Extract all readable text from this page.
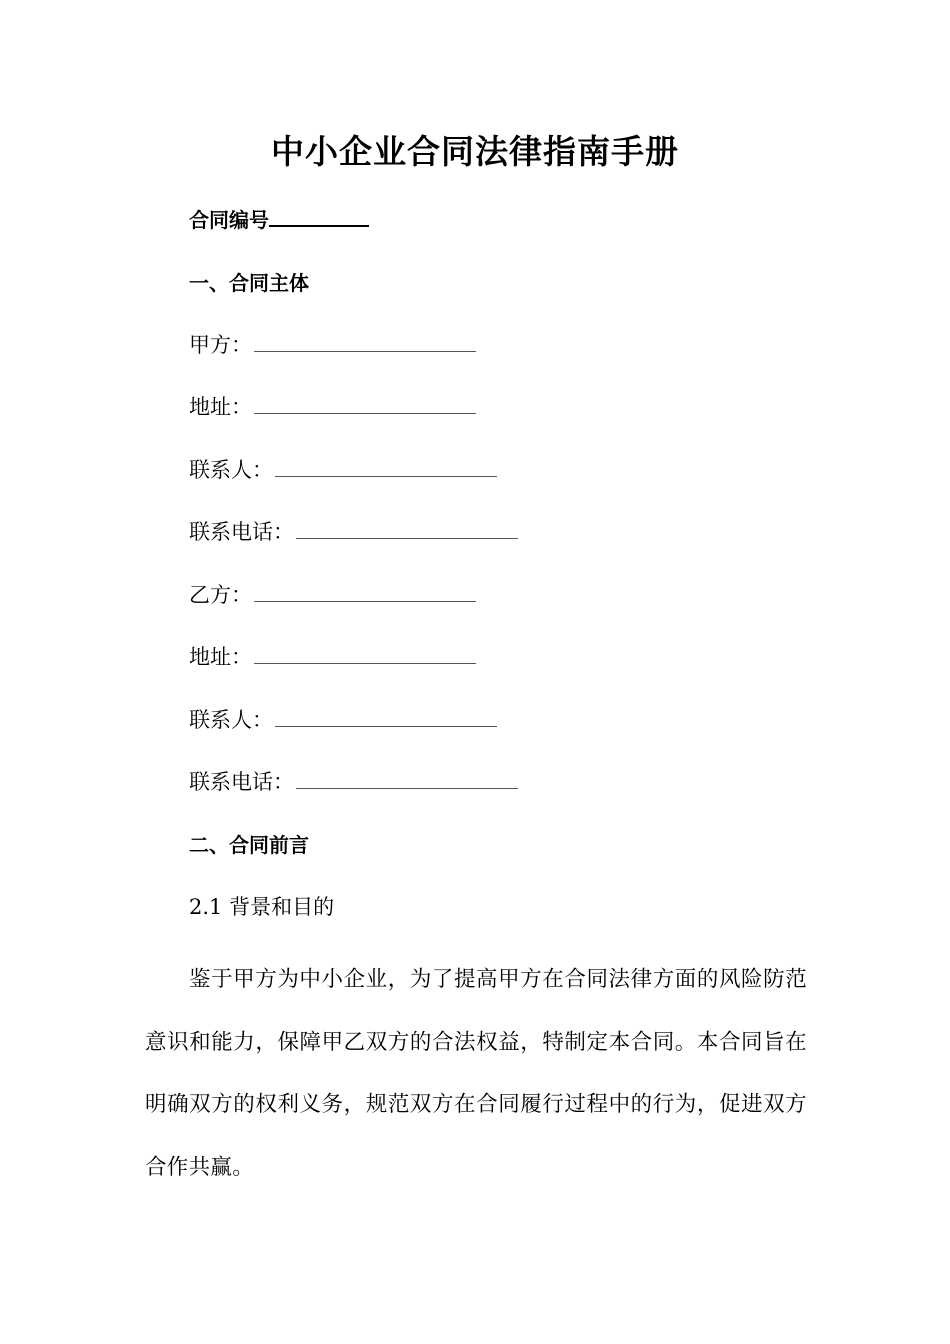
中小企业合同法律指南手册
合同编号
一、合同主体
甲方：
地址：
联系人：
联系电话：
乙方：
地址：
联系人：
联系电话：
二、合同前言
2.1 背景和目的
鉴于甲方为中小企业，为了提高甲方在合同法律方面的风险防范意识和能力，保障甲乙双方的合法权益，特制定本合同。本合同旨在明确双方的权利义务，规范双方在合同履行过程中的行为，促进双方合作共赢。
